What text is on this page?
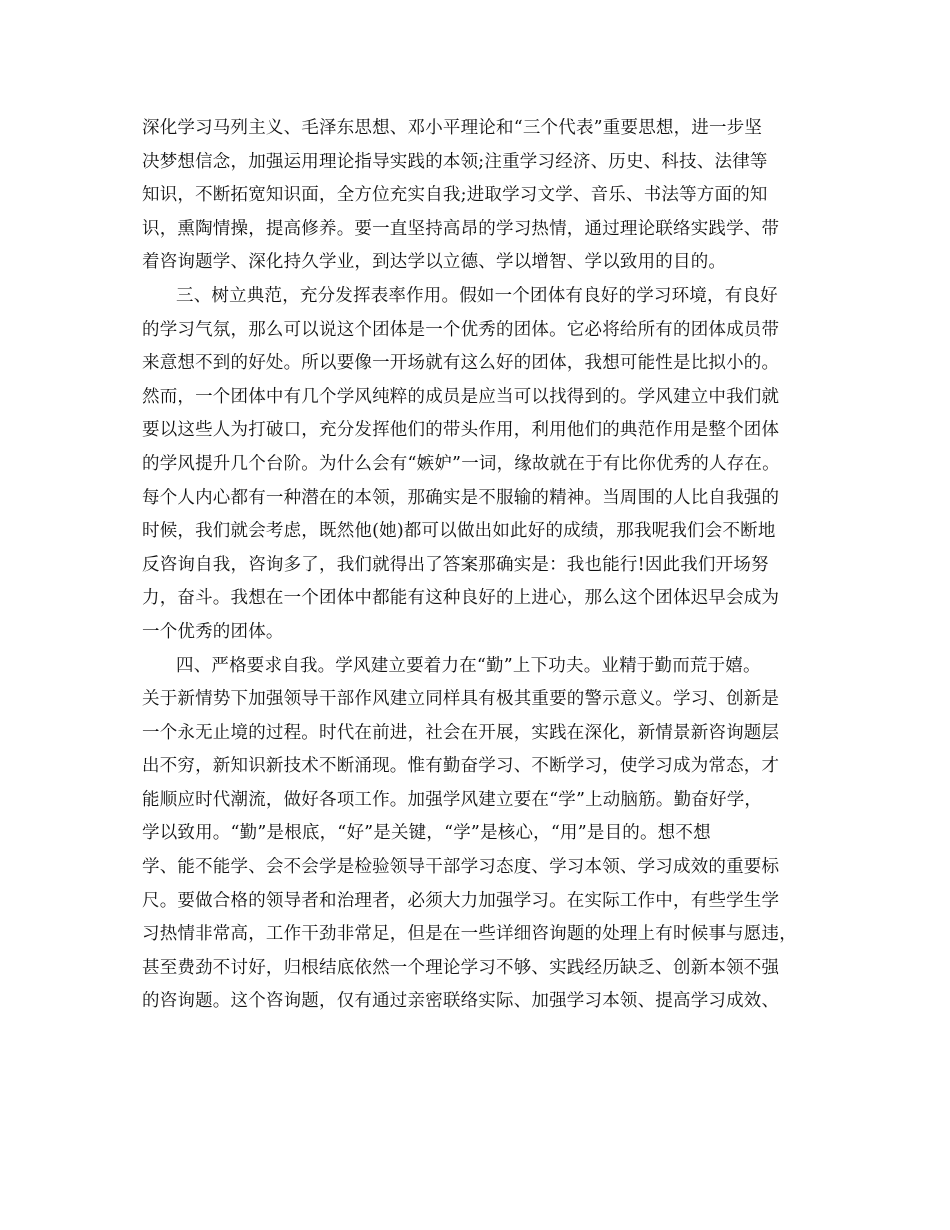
深化学习马列主义、毛泽东思想、邓小平理论和“三个代表”重要思想，进一步坚
决梦想信念，加强运用理论指导实践的本领;注重学习经济、历史、科技、法律等
知识，不断拓宽知识面，全方位充实自我;进取学习文学、音乐、书法等方面的知
识，熏陶情操，提高修养。要一直坚持高昂的学习热情，通过理论联络实践学、带
着咨询题学、深化持久学业，到达学以立德、学以增智、学以致用的目的。
三、树立典范，充分发挥表率作用。假如一个团体有良好的学习环境，有良好
的学习气氛，那么可以说这个团体是一个优秀的团体。它必将给所有的团体成员带
来意想不到的好处。所以要像一开场就有这么好的团体，我想可能性是比拟小的。
然而，一个团体中有几个学风纯粹的成员是应当可以找得到的。学风建立中我们就
要以这些人为打破口，充分发挥他们的带头作用，利用他们的典范作用是整个团体
的学风提升几个台阶。为什么会有“嫉妒”一词，缘故就在于有比你优秀的人存在。
每个人内心都有一种潜在的本领，那确实是不服输的精神。当周围的人比自我强的
时候，我们就会考虑，既然他(她)都可以做出如此好的成绩，那我呢我们会不断地
反咨询自我，咨询多了，我们就得出了答案那确实是：我也能行!因此我们开场努
力，奋斗。我想在一个团体中都能有这种良好的上进心，那么这个团体迟早会成为
一个优秀的团体。
四、严格要求自我。学风建立要着力在“勤”上下功夫。业精于勤而荒于嬉。
关于新情势下加强领导干部作风建立同样具有极其重要的警示意义。学习、创新是
一个永无止境的过程。时代在前进，社会在开展，实践在深化，新情景新咨询题层
出不穷，新知识新技术不断涌现。惟有勤奋学习、不断学习，使学习成为常态，才
能顺应时代潮流，做好各项工作。加强学风建立要在“学”上动脑筋。勤奋好学，
学以致用。“勤”是根底，“好”是关键，“学”是核心，“用”是目的。想不想
学、能不能学、会不会学是检验领导干部学习态度、学习本领、学习成效的重要标
尺。要做合格的领导者和治理者，必须大力加强学习。在实际工作中，有些学生学
习热情非常高，工作干劲非常足，但是在一些详细咨询题的处理上有时候事与愿违，
甚至费劲不讨好，归根结底依然一个理论学习不够、实践经历缺乏、创新本领不强
的咨询题。这个咨询题，仅有通过亲密联络实际、加强学习本领、提高学习成效、
